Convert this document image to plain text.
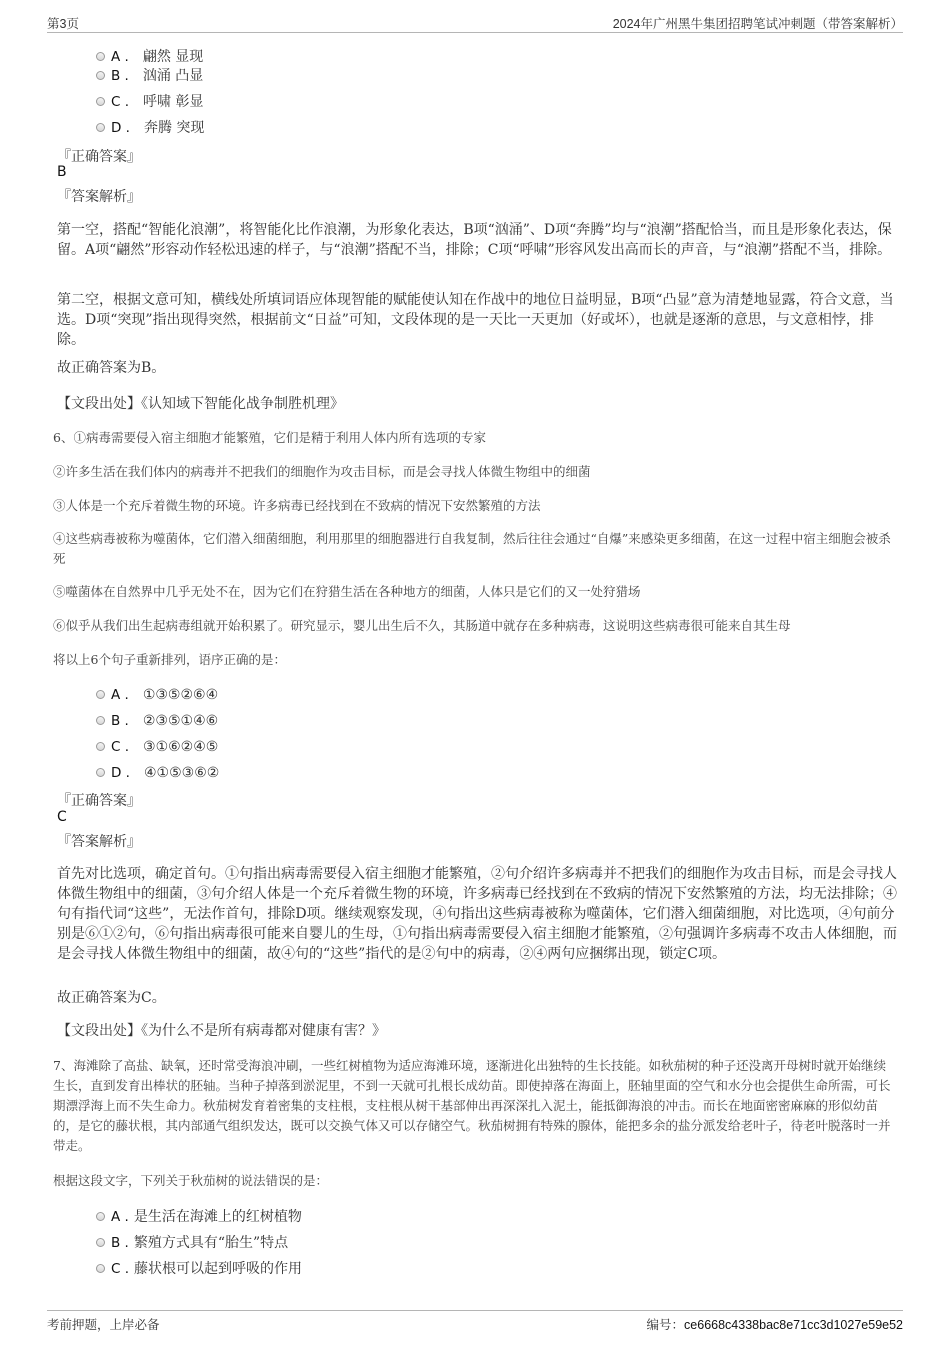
第3页	2024年广州黑牛集团招聘笔试冲刺题（带答案解析）
A . 翩然 显现
B . 汹涌 凸显
C . 呼啸 彰显
D . 奔腾 突现
『正确答案』
B
『答案解析』
第一空，搭配“智能化浪潮”，将智能化比作浪潮，为形象化表达，B项“汹涌”、D项“奔腾”均与“浪潮”搭配恰当，而且是形象化表达，保留。A项“翩然”形容动作轻松迅速的样子，与“浪潮”搭配不当，排除；C项“呼啸”形容风发出高而长的声音，与“浪潮”搭配不当，排除。
第二空，根据文意可知，横线处所填词语应体现智能的赋能使认知在作战中的地位日益明显，B项“凸显”意为清楚地显露，符合文意，当选。D项“突现”指出现得突然，根据前文“日益”可知，文段体现的是一天比一天更加（好或坏），也就是逐渐的意思，与文意相悖，排除。
故正确答案为B。
【文段出处】《认知域下智能化战争制胜机理》
6、①病毒需要侵入宿主细胞才能繁殖，它们是精于利用人体内所有选项的专家
②许多生活在我们体内的病毒并不把我们的细胞作为攻击目标，而是会寻找人体微生物组中的细菌
③人体是一个充斥着微生物的环境。许多病毒已经找到在不致病的情况下安然繁殖的方法
④这些病毒被称为噬菌体，它们潜入细菌细胞，利用那里的细胞器进行自我复制，然后往往会通过“自爆”来感染更多细菌，在这一过程中宿主细胞会被杀死
⑤噬菌体在自然界中几乎无处不在，因为它们在狩猎生活在各种地方的细菌，人体只是它们的又一处狩猎场
⑥似乎从我们出生起病毒组就开始积累了。研究显示，婴儿出生后不久，其肠道中就存在多种病毒，这说明这些病毒很可能来自其生母
将以上6个句子重新排列，语序正确的是：
A . ①③⑤②⑥④
B . ②③⑤①④⑥
C . ③①⑥②④⑤
D . ④①⑤③⑥②
『正确答案』
C
『答案解析』
首先对比选项，确定首句。①句指出病毒需要侵入宿主细胞才能繁殖，②句介绍许多病毒并不把我们的细胞作为攻击目标，而是会寻找人体微生物组中的细菌，③句介绍人体是一个充斥着微生物的环境，许多病毒已经找到在不致病的情况下安然繁殖的方法，均无法排除；④句有指代词“这些”，无法作首句，排除D项。继续观察发现，④句指出这些病毒被称为噬菌体，它们潜入细菌细胞，对比选项，④句前分别是⑥①②句，⑥句指出病毒很可能来自婴儿的生母，①句指出病毒需要侵入宿主细胞才能繁殖，②句强调许多病毒不攻击人体细胞，而是会寻找人体微生物组中的细菌，故④句的“这些”指代的是②句中的病毒，②④两句应捆绑出现，锁定C项。
故正确答案为C。
【文段出处】《为什么不是所有病毒都对健康有害？》
7、海滩除了高盐、缺氧，还时常受海浪冲刷，一些红树植物为适应海滩环境，逐渐进化出独特的生长技能。如秋茄树的种子还没离开母树时就开始继续生长，直到发育出棒状的胚轴。当种子掉落到淤泥里，不到一天就可扎根长成幼苗。即使掉落在海面上，胚轴里面的空气和水分也会提供生命所需，可长期漂浮海上而不失生命力。秋茄树发育着密集的支柱根，支柱根从树干基部伸出再深深扎入泥土，能抵御海浪的冲击。而长在地面密密麻麻的形似幼苗的，是它的藤状根，其内部通气组织发达，既可以交换气体又可以存储空气。秋茄树拥有特殊的腺体，能把多余的盐分派发给老叶子，待老叶脱落时一并带走。
根据这段文字，下列关于秋茄树的说法错误的是：
A . 是生活在海滩上的红树植物
B . 繁殖方式具有“胎生”特点
C . 藤状根可以起到呼吸的作用
考前押题，上岸必备	编号：ce6668c4338bac8e71cc3d1027e59e52
